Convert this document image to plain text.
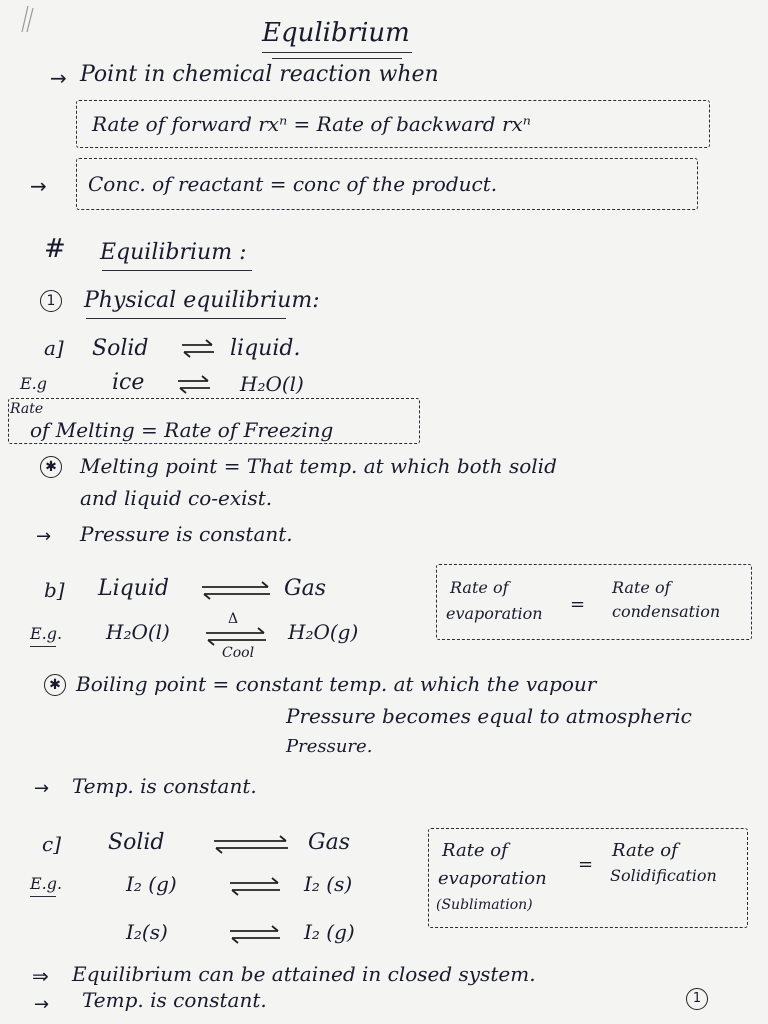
Equlibrium
→ Point in chemical reaction when
Rate of forward rxⁿ = Rate of backward rxⁿ
→ Conc. of reactant = conc of the product.
# Equilibrium :
1 Physical equilibrium:
a] Solid ⇌ liquid.
E.g	ice	H₂O(l)
Rate
of Melting = Rate of Freezing
✱ Melting point = That temp. at which both solid
and liquid co-exist.
→ Pressure is constant.
b] Liquid	Gas	Rate of
evaporation =
Rate of
condensation
E.g. H₂O(l)
Δ
Cool
H₂O(g)
✱ Boiling point = constant temp. at which the vapour
Pressure becomes equal to atmospheric
Pressure.
→ Temp. is constant.
c] Solid	Gas	Rate of
evaporation
(Sublimation)
=
Rate of
Solidification
E.g.	I₂ (g)	⇌ I₂ (s)
I₂(s)	⇌ I₂ (g)
⇒ Equilibrium can be attained in closed system.
→ Temp. is constant.	1
